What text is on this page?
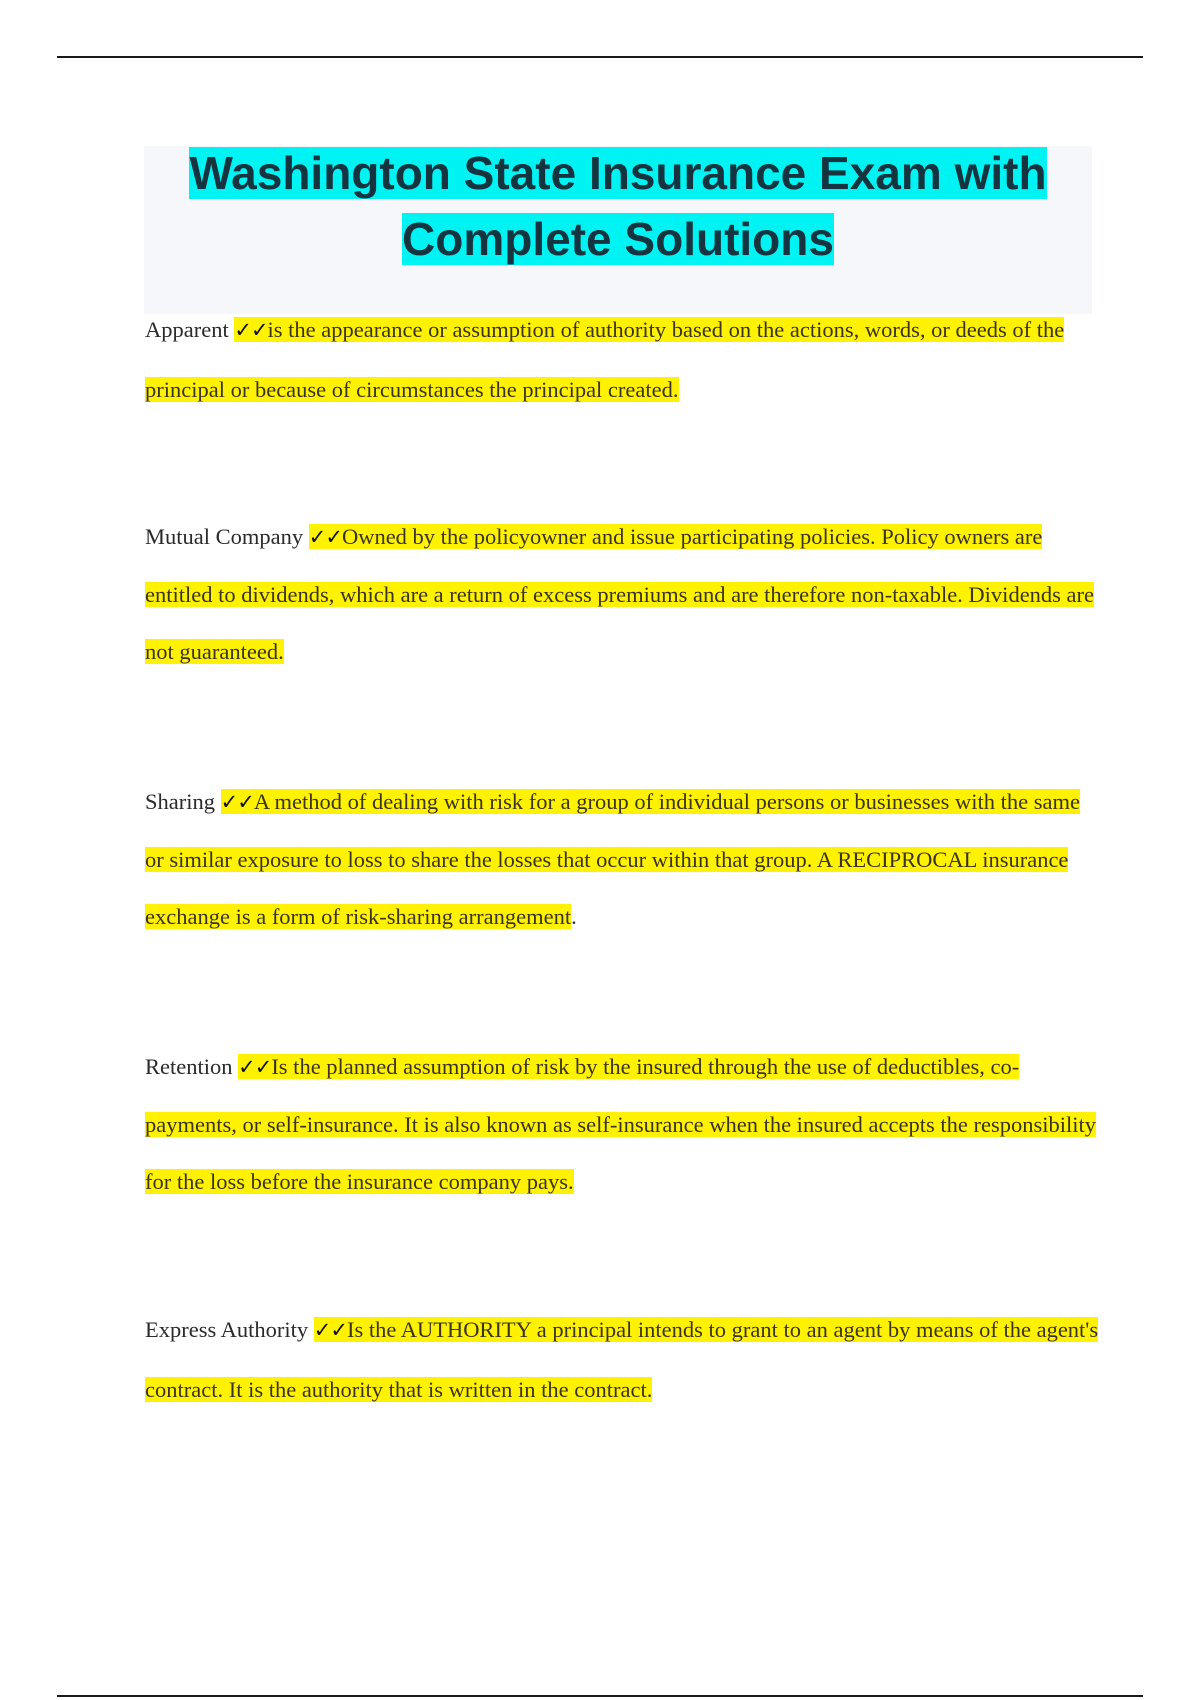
Washington State Insurance Exam with Complete Solutions
Apparent ✓✓is the appearance or assumption of authority based on the actions, words, or deeds of the principal or because of circumstances the principal created.
Mutual Company ✓✓Owned by the policyowner and issue participating policies. Policy owners are entitled to dividends, which are a return of excess premiums and are therefore non-taxable. Dividends are not guaranteed.
Sharing ✓✓A method of dealing with risk for a group of individual persons or businesses with the same or similar exposure to loss to share the losses that occur within that group. A RECIPROCAL insurance exchange is a form of risk-sharing arrangement.
Retention ✓✓Is the planned assumption of risk by the insured through the use of deductibles, co-payments, or self-insurance. It is also known as self-insurance when the insured accepts the responsibility for the loss before the insurance company pays.
Express Authority ✓✓Is the AUTHORITY a principal intends to grant to an agent by means of the agent's contract. It is the authority that is written in the contract.
